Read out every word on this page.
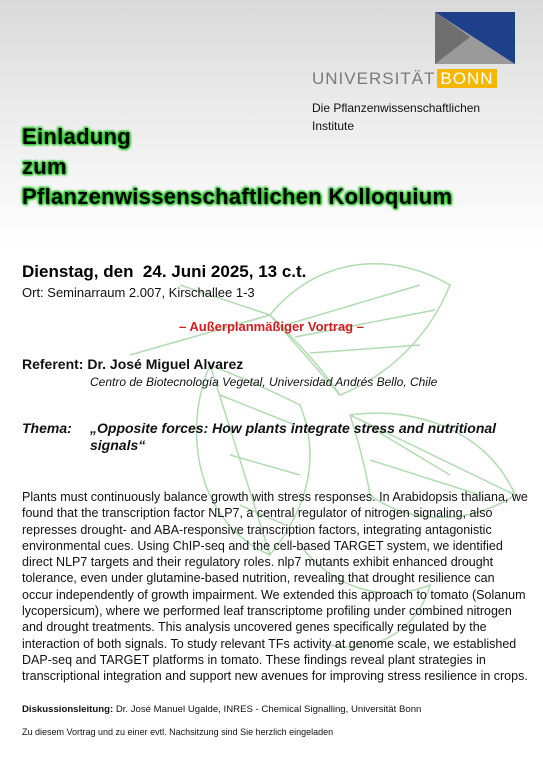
UNIVERSITÄT BONN
Die Pflanzenwissenschaftlichen Institute
Einladung
zum
Pflanzenwissenschaftlichen Kolloquium
Dienstag, den  24. Juni 2025, 13 c.t.
Ort: Seminarraum 2.007, Kirschallee 1-3
– Außerplanmäßiger Vortrag –
Referent: Dr. José Miguel Alvarez
Centro de Biotecnología Vegetal, Universidad Andrés Bello, Chile
Thema: „Opposite forces: How plants integrate stress and nutritional signals“
Plants must continuously balance growth with stress responses. In Arabidopsis thaliana, we found that the transcription factor NLP7, a central regulator of nitrogen signaling, also represses drought- and ABA-responsive transcription factors, integrating antagonistic environmental cues. Using ChIP-seq and the cell-based TARGET system, we identified direct NLP7 targets and their regulatory roles. nlp7 mutants exhibit enhanced drought tolerance, even under glutamine-based nutrition, revealing that drought resilience can occur independently of growth impairment. We extended this approach to tomato (Solanum lycopersicum), where we performed leaf transcriptome profiling under combined nitrogen and drought treatments. This analysis uncovered genes specifically regulated by the interaction of both signals. To study relevant TFs activity at genome scale, we established DAP-seq and TARGET platforms in tomato. These findings reveal plant strategies in transcriptional integration and support new avenues for improving stress resilience in crops.
Diskussionsleitung: Dr. José Manuel Ugalde, INRES - Chemical Signalling, Universität Bonn
Zu diesem Vortrag und zu einer evtl. Nachsitzung sind Sie herzlich eingeladen
